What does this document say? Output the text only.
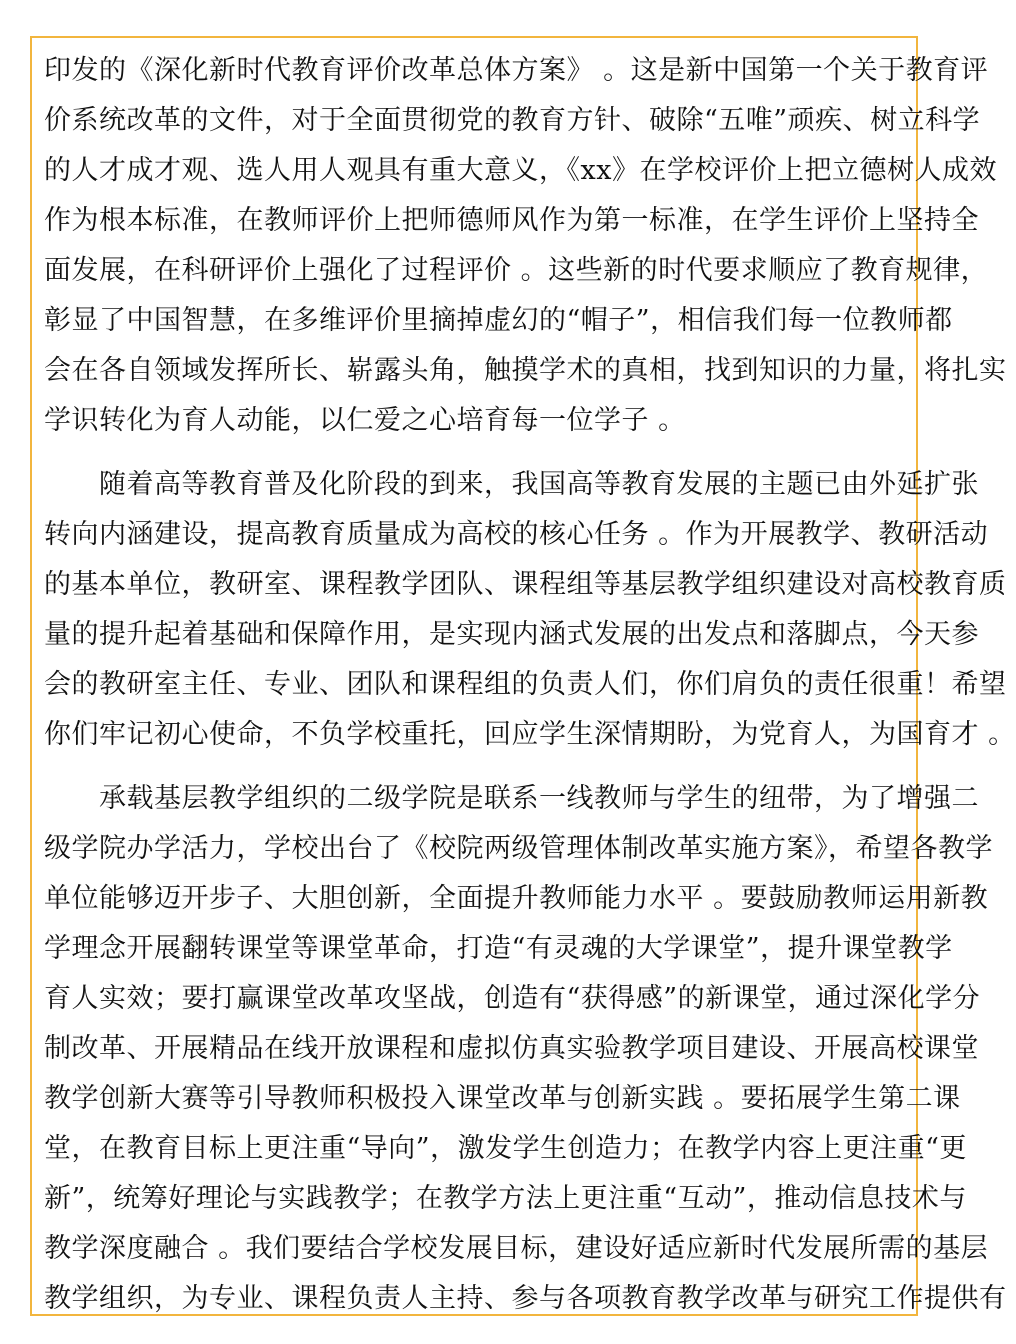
印发的《深化新时代教育评价改革总体方案》 。这是新中国第一个关于教育评
价系统改革的文件，对于全面贯彻党的教育方针、破除“五唯”顽疾、树立科学
的人才成才观、选人用人观具有重大意义，《xx》在学校评价上把立德树人成效
作为根本标准，在教师评价上把师德师风作为第一标准，在学生评价上坚持全
面发展，在科研评价上强化了过程评价 。这些新的时代要求顺应了教育规律，
彰显了中国智慧，在多维评价里摘掉虚幻的“帽子”，相信我们每一位教师都
会在各自领域发挥所长、崭露头角，触摸学术的真相，找到知识的力量，将扎实
学识转化为育人动能，以仁爱之心培育每一位学子 。
　　随着高等教育普及化阶段的到来，我国高等教育发展的主题已由外延扩张
转向内涵建设，提高教育质量成为高校的核心任务 。作为开展教学、教研活动
的基本单位，教研室、课程教学团队、课程组等基层教学组织建设对高校教育质
量的提升起着基础和保障作用，是实现内涵式发展的出发点和落脚点，今天参
会的教研室主任、专业、团队和课程组的负责人们，你们肩负的责任很重！希望
你们牢记初心使命，不负学校重托，回应学生深情期盼，为党育人，为国育才 。
　　承载基层教学组织的二级学院是联系一线教师与学生的纽带，为了增强二
级学院办学活力，学校出台了《校院两级管理体制改革实施方案》，希望各教学
单位能够迈开步子、大胆创新，全面提升教师能力水平 。要鼓励教师运用新教
学理念开展翻转课堂等课堂革命，打造“有灵魂的大学课堂”，提升课堂教学
育人实效；要打赢课堂改革攻坚战，创造有“获得感”的新课堂，通过深化学分
制改革、开展精品在线开放课程和虚拟仿真实验教学项目建设、开展高校课堂
教学创新大赛等引导教师积极投入课堂改革与创新实践 。要拓展学生第二课
堂，在教育目标上更注重“导向”，激发学生创造力；在教学内容上更注重“更
新”，统筹好理论与实践教学；在教学方法上更注重“互动”，推动信息技术与
教学深度融合 。我们要结合学校发展目标，建设好适应新时代发展所需的基层
教学组织，为专业、课程负责人主持、参与各项教育教学改革与研究工作提供有
